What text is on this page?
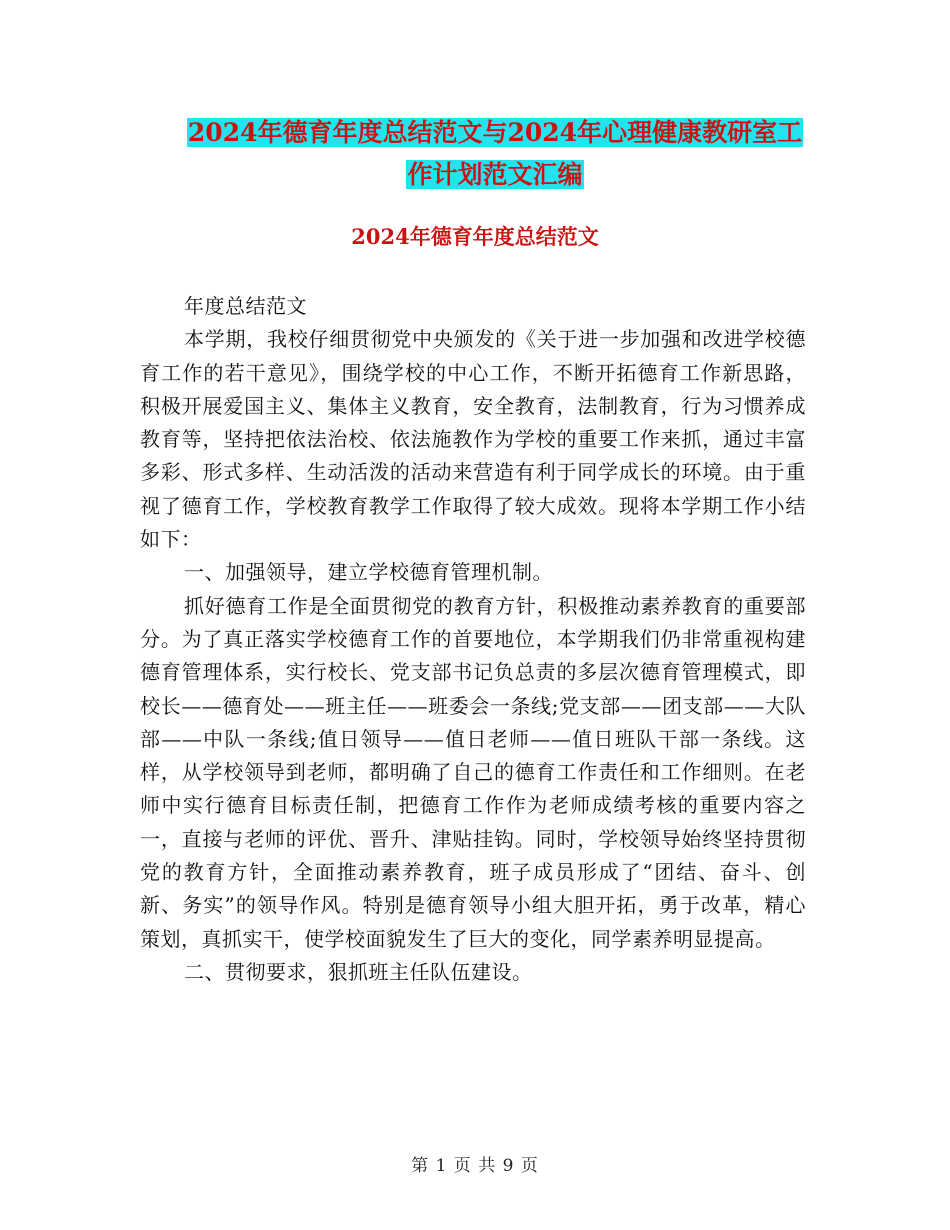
2024年德育年度总结范文与2024年心理健康教研室工
作计划范文汇编
2024年德育年度总结范文

年度总结范文

本学期，我校仔细贯彻党中央颁发的《关于进一步加强和改进学校德育工作的若干意见》，围绕学校的中心工作，不断开拓德育工作新思路，积极开展爱国主义、集体主义教育，安全教育，法制教育，行为习惯养成教育等，坚持把依法治校、依法施教作为学校的重要工作来抓，通过丰富多彩、形式多样、生动活泼的活动来营造有利于同学成长的环境。由于重视了德育工作，学校教育教学工作取得了较大成效。现将本学期工作小结如下：

一、加强领导，建立学校德育管理机制。

抓好德育工作是全面贯彻党的教育方针，积极推动素养教育的重要部分。为了真正落实学校德育工作的首要地位，本学期我们仍非常重视构建德育管理体系，实行校长、党支部书记负总责的多层次德育管理模式，即校长——德育处——班主任——班委会一条线;党支部——团支部——大队部——中队一条线;值日领导——值日老师——值日班队干部一条线。这样，从学校领导到老师，都明确了自己的德育工作责任和工作细则。在老师中实行德育目标责任制，把德育工作作为老师成绩考核的重要内容之一，直接与老师的评优、晋升、津贴挂钩。同时，学校领导始终坚持贯彻党的教育方针，全面推动素养教育，班子成员形成了“团结、奋斗、创新、务实”的领导作风。特别是德育领导小组大胆开拓，勇于改革，精心策划，真抓实干，使学校面貌发生了巨大的变化，同学素养明显提高。

二、贯彻要求，狠抓班主任队伍建设。

第 1 页 共 9 页
